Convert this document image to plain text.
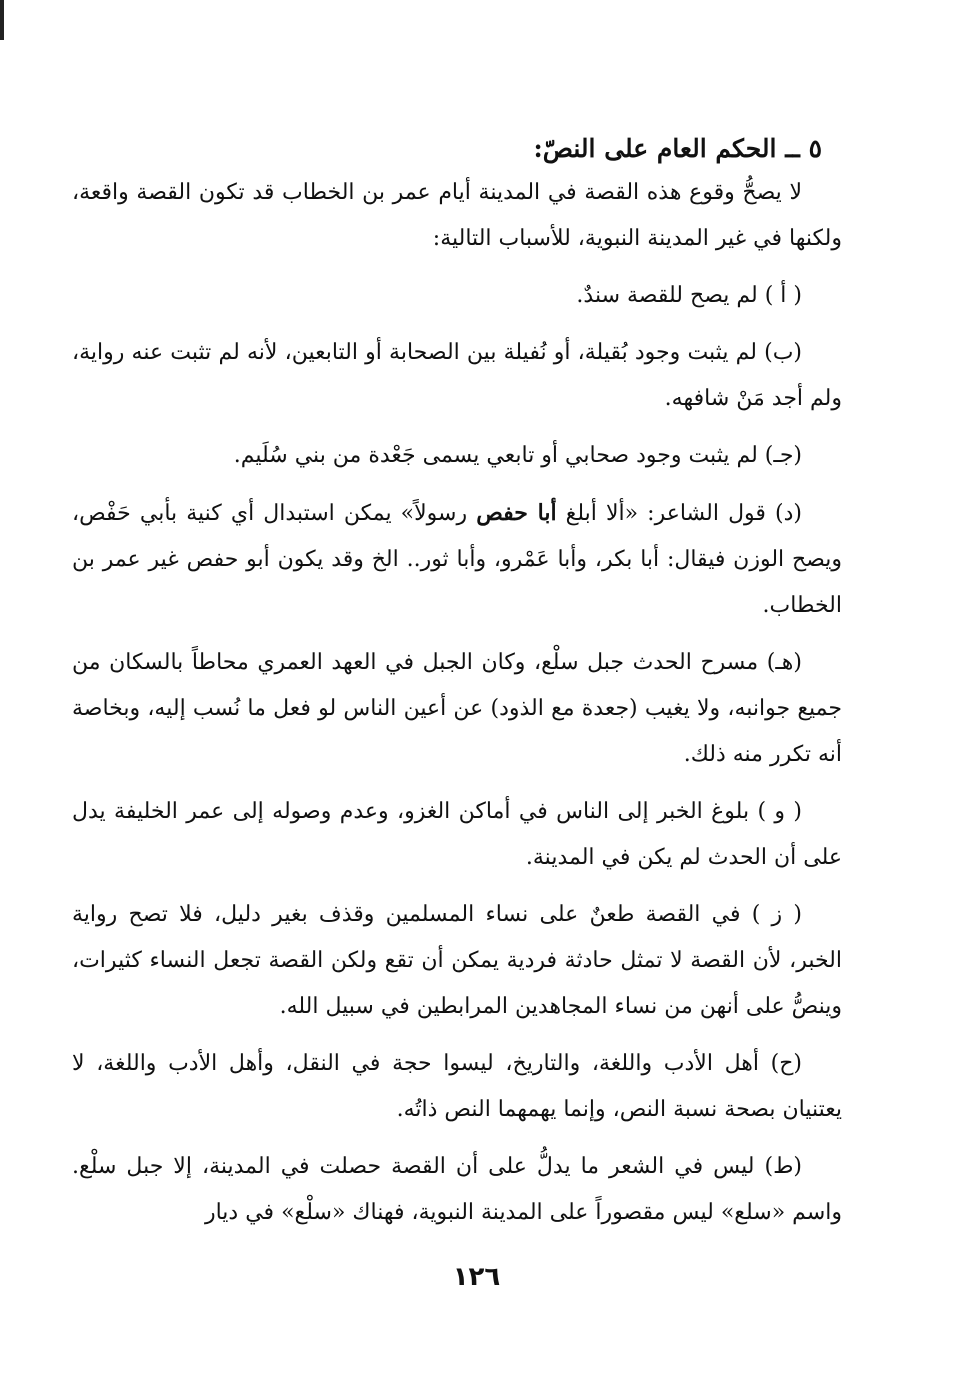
٥ ــ الحكم العام على النصّ:

لا يصحُّ وقوع هذه القصة في المدينة أيام عمر بن الخطاب قد تكون القصة واقعة، ولكنها في غير المدينة النبوية، للأسباب التالية:

( أ ) لم يصح للقصة سندٌ.

(ب) لم يثبت وجود بُقيلة، أو نُفيلة بين الصحابة أو التابعين، لأنه لم تثبت عنه رواية، ولم أجد مَنْ شافهه.

(جـ) لم يثبت وجود صحابي أو تابعي يسمى جَعْدة من بني سُلَيم.

(د) قول الشاعر: «ألا أبلغ أبا حفص رسولاً» يمكن استبدال أي كنية بأبي حَفْص، ويصح الوزن فيقال: أبا بكر، وأبا عَمْرو، وأبا ثور.. الخ وقد يكون أبو حفص غير عمر بن الخطاب.

(هـ) مسرح الحدث جبل سلْع، وكان الجبل في العهد العمري محاطاً بالسكان من جميع جوانبه، ولا يغيب (جعدة مع الذود) عن أعين الناس لو فعل ما نُسب إليه، وبخاصة أنه تكرر منه ذلك.

( و ) بلوغ الخبر إلى الناس في أماكن الغزو، وعدم وصوله إلى عمر الخليفة يدل على أن الحدث لم يكن في المدينة.

( ز ) في القصة طعنٌ على نساء المسلمين وقذف بغير دليل، فلا تصح رواية الخبر، لأن القصة لا تمثل حادثة فردية يمكن أن تقع ولكن القصة تجعل النساء كثيرات، وينصُّ على أنهن من نساء المجاهدين المرابطين في سبيل الله.

(ح) أهل الأدب واللغة، والتاريخ، ليسوا حجة في النقل، وأهل الأدب واللغة، لا يعتنيان بصحة نسبة النص، وإنما يهمهما النص ذاتُه.

(ط) ليس في الشعر ما يدلُّ على أن القصة حصلت في المدينة، إلا جبل سلْع. واسم «سلع» ليس مقصوراً على المدينة النبوية، فهناك «سلْع» في ديار

١٢٦
